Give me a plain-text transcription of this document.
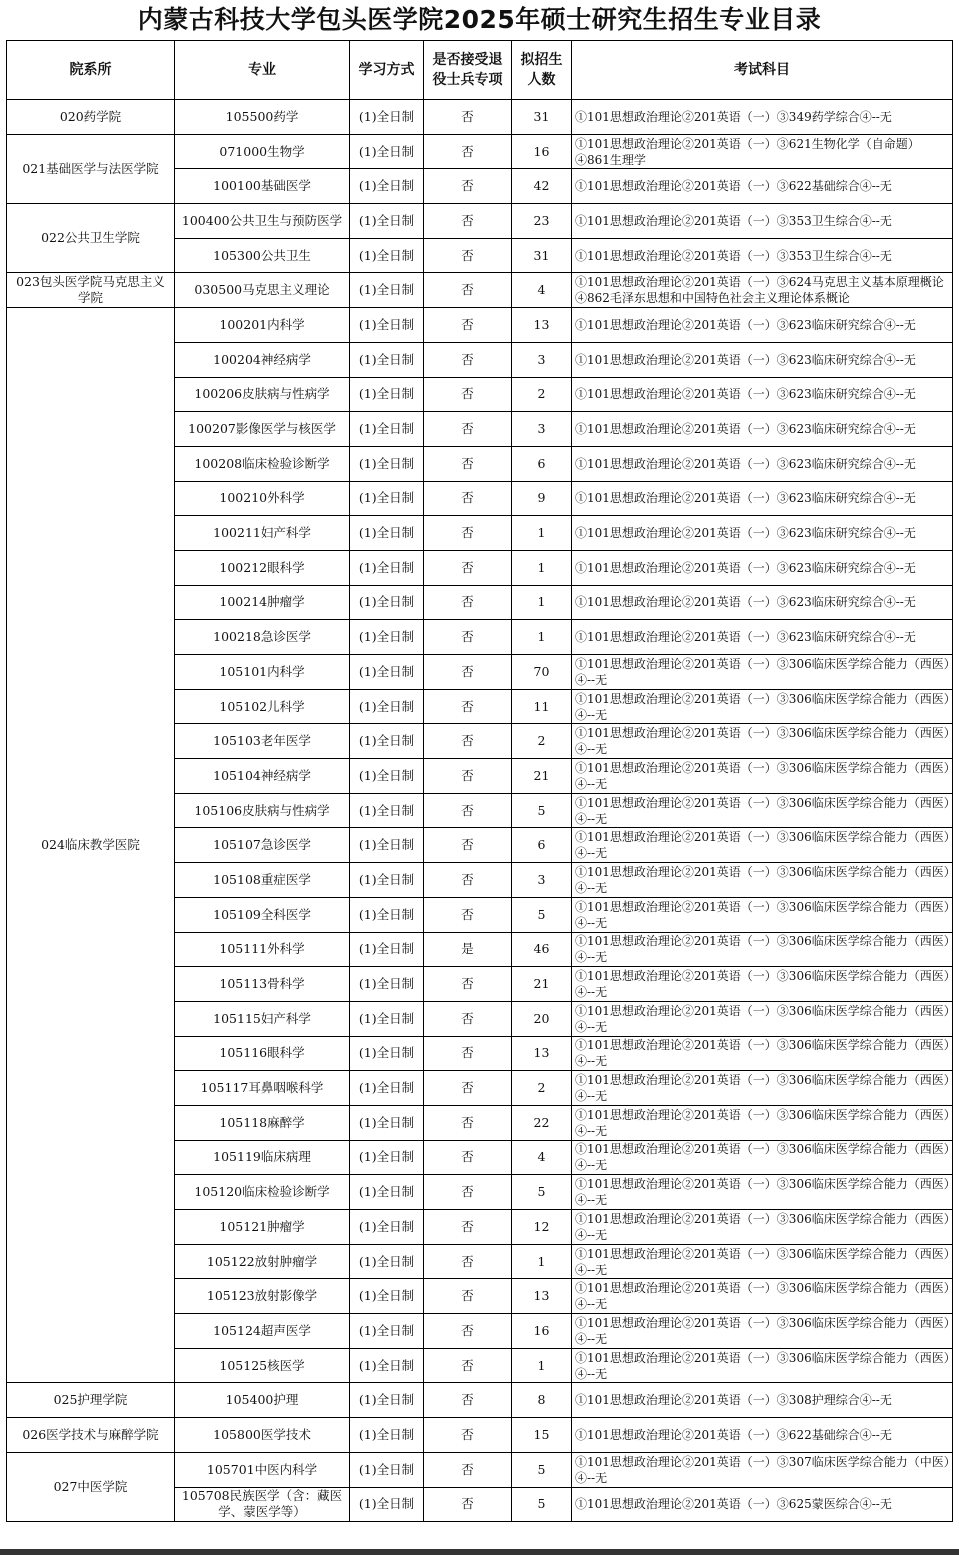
内蒙古科技大学包头医学院2025年硕士研究生招生专业目录
院系所	专业	学习方式	是否接受退役士兵专项	拟招生人数	考试科目
020药学院	105500药学	(1)全日制	否	31	①101思想政治理论②201英语（一）③349药学综合④--无
021基础医学与法医学院	071000生物学	(1)全日制	否	16	①101思想政治理论②201英语（一）③621生物化学（自命题）④861生理学
	100100基础医学	(1)全日制	否	42	①101思想政治理论②201英语（一）③622基础综合④--无
022公共卫生学院	100400公共卫生与预防医学	(1)全日制	否	23	①101思想政治理论②201英语（一）③353卫生综合④--无
	105300公共卫生	(1)全日制	否	31	①101思想政治理论②201英语（一）③353卫生综合④--无
023包头医学院马克思主义学院	030500马克思主义理论	(1)全日制	否	4	①101思想政治理论②201英语（一）③624马克思主义基本原理概论④862毛泽东思想和中国特色社会主义理论体系概论
024临床教学医院	100201内科学	(1)全日制	否	13	①101思想政治理论②201英语（一）③623临床研究综合④--无
	100204神经病学	(1)全日制	否	3	①101思想政治理论②201英语（一）③623临床研究综合④--无
	100206皮肤病与性病学	(1)全日制	否	2	①101思想政治理论②201英语（一）③623临床研究综合④--无
	100207影像医学与核医学	(1)全日制	否	3	①101思想政治理论②201英语（一）③623临床研究综合④--无
	100208临床检验诊断学	(1)全日制	否	6	①101思想政治理论②201英语（一）③623临床研究综合④--无
	100210外科学	(1)全日制	否	9	①101思想政治理论②201英语（一）③623临床研究综合④--无
	100211妇产科学	(1)全日制	否	1	①101思想政治理论②201英语（一）③623临床研究综合④--无
	100212眼科学	(1)全日制	否	1	①101思想政治理论②201英语（一）③623临床研究综合④--无
	100214肿瘤学	(1)全日制	否	1	①101思想政治理论②201英语（一）③623临床研究综合④--无
	100218急诊医学	(1)全日制	否	1	①101思想政治理论②201英语（一）③623临床研究综合④--无
	105101内科学	(1)全日制	否	70	①101思想政治理论②201英语（一）③306临床医学综合能力（西医）④--无
	105102儿科学	(1)全日制	否	11	①101思想政治理论②201英语（一）③306临床医学综合能力（西医）④--无
	105103老年医学	(1)全日制	否	2	①101思想政治理论②201英语（一）③306临床医学综合能力（西医）④--无
	105104神经病学	(1)全日制	否	21	①101思想政治理论②201英语（一）③306临床医学综合能力（西医）④--无
	105106皮肤病与性病学	(1)全日制	否	5	①101思想政治理论②201英语（一）③306临床医学综合能力（西医）④--无
	105107急诊医学	(1)全日制	否	6	①101思想政治理论②201英语（一）③306临床医学综合能力（西医）④--无
	105108重症医学	(1)全日制	否	3	①101思想政治理论②201英语（一）③306临床医学综合能力（西医）④--无
	105109全科医学	(1)全日制	否	5	①101思想政治理论②201英语（一）③306临床医学综合能力（西医）④--无
	105111外科学	(1)全日制	是	46	①101思想政治理论②201英语（一）③306临床医学综合能力（西医）④--无
	105113骨科学	(1)全日制	否	21	①101思想政治理论②201英语（一）③306临床医学综合能力（西医）④--无
	105115妇产科学	(1)全日制	否	20	①101思想政治理论②201英语（一）③306临床医学综合能力（西医）④--无
	105116眼科学	(1)全日制	否	13	①101思想政治理论②201英语（一）③306临床医学综合能力（西医）④--无
	105117耳鼻咽喉科学	(1)全日制	否	2	①101思想政治理论②201英语（一）③306临床医学综合能力（西医）④--无
	105118麻醉学	(1)全日制	否	22	①101思想政治理论②201英语（一）③306临床医学综合能力（西医）④--无
	105119临床病理	(1)全日制	否	4	①101思想政治理论②201英语（一）③306临床医学综合能力（西医）④--无
	105120临床检验诊断学	(1)全日制	否	5	①101思想政治理论②201英语（一）③306临床医学综合能力（西医）④--无
	105121肿瘤学	(1)全日制	否	12	①101思想政治理论②201英语（一）③306临床医学综合能力（西医）④--无
	105122放射肿瘤学	(1)全日制	否	1	①101思想政治理论②201英语（一）③306临床医学综合能力（西医）④--无
	105123放射影像学	(1)全日制	否	13	①101思想政治理论②201英语（一）③306临床医学综合能力（西医）④--无
	105124超声医学	(1)全日制	否	16	①101思想政治理论②201英语（一）③306临床医学综合能力（西医）④--无
	105125核医学	(1)全日制	否	1	①101思想政治理论②201英语（一）③306临床医学综合能力（西医）④--无
025护理学院	105400护理	(1)全日制	否	8	①101思想政治理论②201英语（一）③308护理综合④--无
026医学技术与麻醉学院	105800医学技术	(1)全日制	否	15	①101思想政治理论②201英语（一）③622基础综合④--无
027中医学院	105701中医内科学	(1)全日制	否	5	①101思想政治理论②201英语（一）③307临床医学综合能力（中医）④--无
	105708民族医学（含：藏医学、蒙医学等）	(1)全日制	否	5	①101思想政治理论②201英语（一）③625蒙医综合④--无
